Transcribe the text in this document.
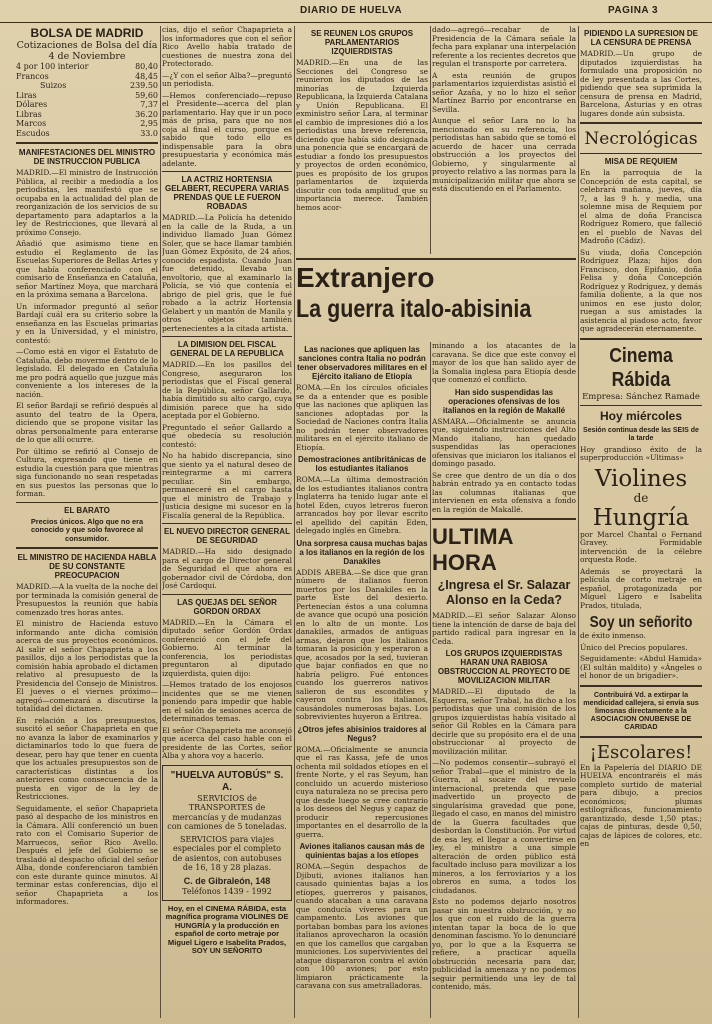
DIARIO DE HUELVA	PAGINA 3
BOLSA DE MADRID
Cotizaciones de Bolsa del día 4 de Noviembre
4 por 100 interior	80,40
Francos	48,45
Suizos	239.50
Liras	59,60
Dólares	7,37
Libras	36.20
Marcos	2,95
Escudos	33.0
MANIFESTACIONES DEL MINISTRO DE INSTRUCCION PUBLICA

MADRID.—El ministro de Instrucción Pública, al recibir a mediodía a los periodistas, les manifestó que se ocupaba en la actualidad del plan de reorganización de los servicios de su departamento para adaptarlos a la ley de Restricciones, que llevará al próximo Consejo.

Añadió que asimismo tiene en estudio el Reglamento de las Escuelas Superiores de Bellas Artes y que había conferenciado con el comisario de Enseñanza en Cataluña, señor Martínez Moya, que marchará en la próxima semana a Barcelona.

Un informador preguntó al señor Bardají cuál era su criterio sobre la enseñanza en las Escuelas primarias y en la Universidad, y el ministro, contestó:

—Como está en vigor el Estatuto de Cataluña, debo moverme dentro de lo legislado. El delegado en Cataluña me pro podrá aquello que juzgue más conveniente a los intereses de la nación.

El señor Bardají se refirió después al asunto del teatro de la Opera, diciendo que se propone visitar las obras personalmente para enterarse de lo que allí ocurre.

Por último se refirió al Consejo de Cultura, expresando que tiene en estudio la cuestión para que mientras siga funcionando no sean respetadas en sus puestos las personas que lo forman.

EL BARATO
Precios únicos. Algo que no era conocido y que solo favorece al consumidor.
EL MINISTRO DE HACIENDA HABLA DE SU CONSTANTE PREOCUPACION

MADRID.—A la vuelta de la noche del por terminada la comisión general de Presupuestos la reunión que había comenzado tres horas antes.

El ministro de Hacienda estuvo informando ante dicha comisión acerca de sus proyectos económicos. Al salir el señor Chapaprieta a los pasillos, dijo a los periodistas que la comisión había aprobado el dictamen relativo al presupuesto de la Presidencia del Consejo de Ministros. El jueves o el viernes próximo—agregó—comenzará a discutirse la totalidad del dictamen.

En relación a los presupuestos, suscitó el señor Chapaprieta en que no avanza la labor de examinarlos y dictaminarlos todo lo que fuera de desear, pero hay que tener en cuenta que los actuales presupuestos son de características distintas a los anteriores como consecuencia de la puesta en vigor de la ley de Restricciones.

Seguidamente, el señor Chapaprieta pasó al despacho de los ministros en la Cámara. Allí conferenció un buen rato con el Comisario Superior de Marruecos, señor Rico Avello. Después el jefe del Gobierno se trasladó al despacho oficial del señor Alba, donde conferenciaron también con este durante quince minutos. Al terminar estas conferencias, dijo el señor Chapaprieta a los informadores.

cias, dijo el señor Chapaprieta a los informadores que con el señor Rico Avello había tratado de cuestiones de nuestra zona del Protectorado.

—¿Y con el señor Alba?—preguntó un periodista.

—Hemos conferenciado—repuso el Presidente—acerca del plan parlamentario. Hay que ir un poco más de prisa, para que no nos coja al final el curso, porque es sabido que todo ello es indispensable para la obra presupuestaria y económica más adelante.

LA ACTRIZ HORTENSIA GELABERT, RECUPERA VARIAS PRENDAS QUE LE FUERON ROBADAS

MADRID.—La Policía ha detenido en la calle de la Ruda, a un individuo llamado Juan Gómez Soler, que se hace llamar también Juan Gómez Expósito, de 24 años, conocido espadista. Cuando Juan fue detenido, llevaba un envoltorio, que al examinarlo la Policía, se vió que contenía el abrigo de piel gris, que le fué robado a la actriz Hortensia Gelabert y un mantón de Manila y otros objetos también pertenecientes a la citada artista.

LA DIMISION DEL FISCAL GENERAL DE LA REPUBLICA

MADRID.—En los pasillos del Congreso, aseguraron los periodistas que el Fiscal general de la República, señor Gallardo, había dimitido su alto cargo, cuya dimisión parece que ha sido aceptada por el Gobierno.

Preguntado el señor Gallardo a qué obedecía su resolución contestó:

No ha habido discrepancia, sino que siento ya el natural deseo de reintegrarme a mi carrera peculiar. Sin embargo, permaneceré en el cargo hasta que el ministro de Trabajo y Justicia designe mi sucesor en la Fiscalía general de la República.

EL NUEVO DIRECTOR GENERAL DE SEGURIDAD

MADRID.—Ha sido designado para el cargo de Director general de Seguridad el que ahora es gobernador civil de Córdoba, don José Cardoqui.

LAS QUEJAS DEL SEÑOR GORDON ORDAX

MADRID.—En la Cámara el diputado señor Gordón Ordax conferenció con el jefe del Gobierno. Al terminar la conferencia, los periodistas preguntaron al diputado izquierdista, quien dijo:

—Hemos tratado de los enojosos incidentes que se me vienen poniendo para impedir que hable en el salón de sesiones acerca de determinados temas.

El señor Chapaprieta me aconsejó que acerca del caso hable con el presidente de las Cortes, señor Alba y ahora voy a hacerlo.

"HUELVA AUTOBÚS" S. A.

SERVICIOS de TRANSPORTES de mercancías y de mudanzas con camiones de 5 toneladas.

SERVICIOS para viajes especiales por el completo de asientos, con autobuses de 16, 18 y 28 plazas.

C. de Gibraleón, 148
Teléfonos 1439 - 1992
Hoy, en el CINEMA RÁBIDA, esta magnífica programa VIOLINES DE HUNGRÍA y la producción en español de corto metraje por Miguel Ligero e Isabelita Prados, SOY UN SEÑORITO
SE REUNEN LOS GRUPOS PARLAMENTARIOS IZQUIERDISTAS

MADRID.—En una de las Secciones del Congreso se reunieron los diputados de las minorías de Izquierda Republicana, la Izquierda Catalana y Unión Republicana. El exministro señor Lara, al terminar el cambio de impresiones dió a los periodistas una breve referencia, diciendo que había sido designada una ponencia que se encargará de estudiar a fondo los presupuestos y proyectos de orden económico, pues es propósito de los grupos parlamentarios de izquierda discutir con toda amplitud que su importancia merece. También hemos acor-

dado—agregó—recabar de la Presidencia de la Cámara señale la fecha para explanar una interpelación referente a los recientes decretos que regulan el transporte por carretera.

A esta reunión de grupos parlamentarios izquierdistas asistió el señor Azaña, y no lo hizo el señor Martínez Barrio por encontrarse en Sevilla.

Aunque el señor Lara no lo ha mencionado en su referencia, los periodistas han sabido que se tomó el acuerdo de hacer una cerrada obstrucción a los proyectos del Gobierno, y singularmente al proyecto relativo a las normas para la municipalización militar que ahora se está discutiendo en el Parlamento.

Extranjero
La guerra italo-abisinia
Las naciones que apliquen las sanciones contra Italia no podrán tener observadores militares en el Ejército italiano de Etiopía

ROMA.—En los círculos oficiales se da a entender que es posible que las naciones que apliquen las sanciones adoptadas por la Sociedad de Naciones contra Italia no podrán tener observadores militares en el ejército italiano de Etiopía.

Demostraciones antibritánicas de los estudiantes italianos

ROMA.—La última demostración de los estudiantes italianos contra Inglaterra ha tenido lugar ante el hotel Eden, cuyos letreros fueron arrancados hoy por llevar escrito el apellido del capitán Eden, delegado inglés en Ginebra.

Una sorpresa causa muchas bajas a los italianos en la región de los Danakiles

ADDIS ABEBA.—Se dice que gran número de italianos fueron muertos por los Danakiles en la parte Este del desierto. Pertenecían éstos a una columna de avance que ocupó una posición en lo alto de un monte. Los danakiles, armados de antiguas armas, dejaron que los italianos tomaran la posición y esperaron a que, acosados por la sed, tuvieran que bajar confiados en que no habría peligro. Fué entonces cuando los guerreros nativos salieron de sus escondites y cayeron contra los italianos, causándoles numerosas bajas. Los sobrevivientes huyeron a Eritrea.

¿Otros jefes abisinios traidores al Negus?

ROMA.—Oficialmente se anuncia que el ras Kassa, jefe de unos ochenta mil soldados etíopes en el frente Norte, y el ras Seyum, han concluido un acuerdo misterioso cuya naturaleza no se precisa pero que desde luego se cree contrario a los deseos del Negus y capaz de producir repercusiones importantes en el desarrollo de la guerra.

Aviones italianos causan más de quinientas bajas a los etíopes

ROMA.—Según despachos de Djibuti, aviones italianos han causado quinientas bajas a los etíopes, guerreros y paisanos, cuando atacaban a una caravana que conducía víveres para un campamento. Los aviones que portaban bombas para los aviones italianos aprovecharon la ocasión en que los camellos que cargaban municiones. Los supervivientes del ataque dispararon contra el avión con 100 aviones; por esto limpiaron prácticamente la caravana con sus ametralladoras.

minando a los atacantes de la caravana. Se dice que este convoy el mayor de los que han salido ayer de la Somalia inglesa para Etiopía desde que comenzó el conflicto.

Han sido suspendidas las operaciones ofensivas de los italianos en la región de Makallé

ASMARA.—Oficialmente se anuncia que, siguiendo instrucciones del Alto Mando italiano, han quedado suspendidas las operaciones ofensivas que iniciaron los italianos el domingo pasado.

Se cree que dentro de un día o dos habrán entrado ya en contacto todas las columnas italianas que intervienen en esta ofensiva a fondo en la región de Makallé.

ULTIMA HORA
¿Ingresa el Sr. Salazar Alonso en la Ceda?

MADRID.—El señor Salazar Alonso tiene la intención de darse de baja del partido radical para ingresar en la Ceda.

LOS GRUPOS IZQUIERDISTAS HARAN UNA RABIOSA OBSTRUCCION AL PROYECTO DE MOVILIZACION MILITAR

MADRID.—El diputado de la Esquerra, señor Trabal, ha dicho a los periodistas que una comisión de los grupos izquierdistas había visitado al señor Gil Robles en la Cámara para decirle que su propósito era el de una obstruccionar al proyecto de movilización militar.

—No podemos consentir—subrayó el señor Trabal—que el ministro de la Guerra, al socaire del revuelo internacional, pretenda que pase inadvertido un proyecto de singularísima gravedad que pone, llegado el caso, en manos del ministro de la Guerra facultades que desbordan la Constitución. Por virtud de esa ley, el llegar a convertirse en ley, el ministro a una simple alteración de orden público está facultado incluso para movilizar a los mineros, a los ferroviarios y a los obreros en suma, a todos los ciudadanos.

Esto no podemos dejarlo nosotros pasar sin nuestra obstrucción, y no los que con el ruido de la guerra intentan tapar la boca de lo que denominan fascismo. Yo lo denunciaré yo, por lo que a la Esquerra se refiere, a practicar aquella obstrucción necesaria para dar, publicidad la amenaza y no podemos seguir permitiendo una ley de tal contenido, más.

PIDIENDO LA SUPRESION DE LA CENSURA DE PRENSA

MADRID.—Un grupo de diputados izquierdistas ha formulado una proposición no de ley presentada a las Cortes, pidiendo que sea suprimida la censura de prensa en Madrid, Barcelona, Asturias y en otras lugares donde aún subsista.

Necrológicas
MISA DE REQUIEM

En la parroquia de la Concepción de esta capital, se celebrará mañana, jueves, día 7, a las 9 h. y media, una solemne misa de Requiem por el alma de doña Francisca Rodríguez Romero, que falleció en el pueblo de Navas del Madroño (Cádiz).

Su viuda, doña Concepción Rodríguez Plaza; hijos don Francisco, don Epifanio, doña Felisa y doña Concepción Rodríguez y Rodríguez, y demás familia doliente, a la que nos unimos en ese justo dolor, ruegan a sus amistades la asistencia al piadoso acto, favor que agradecerán eternamente.

Cinema Rábida
Empresa: Sánchez Ramade
Hoy miércoles
Sesión continua desde las SEIS de la tarde

Hoy grandioso éxito de la superproducción «Ultimas»

Violines
de
Hungría

por Marcel Chantal o Fernand Gravey. Formidable intervención de la célebre orquesta Rode.

Además se proyectará la película de corto metraje en español, protagonizada por Miguel Ligero e Isabelita Prados, titulada,

Soy un señorito

de éxito inmenso.

Único del Precios populares.

Seguidamente: «Abdul Hamida» (El sultán maldito) y «Ángeles o el honor de un brigadier».

Contribuirá Vd. a extirpar la mendicidad callejera, si envía sus limosnas directamente a la ASOCIACION ONUBENSE DE CARIDAD
¡Escolares!

En la Papelería del DIARIO DE HUELVA encontraréis el más completo surtido de material para dibujo, a precios económicos; plumas estilográficas, funcionamiento garantizado, desde 1,50 ptas.; cajas de pinturas, desde 0,50, cajas de lápices de colores, etc. en
